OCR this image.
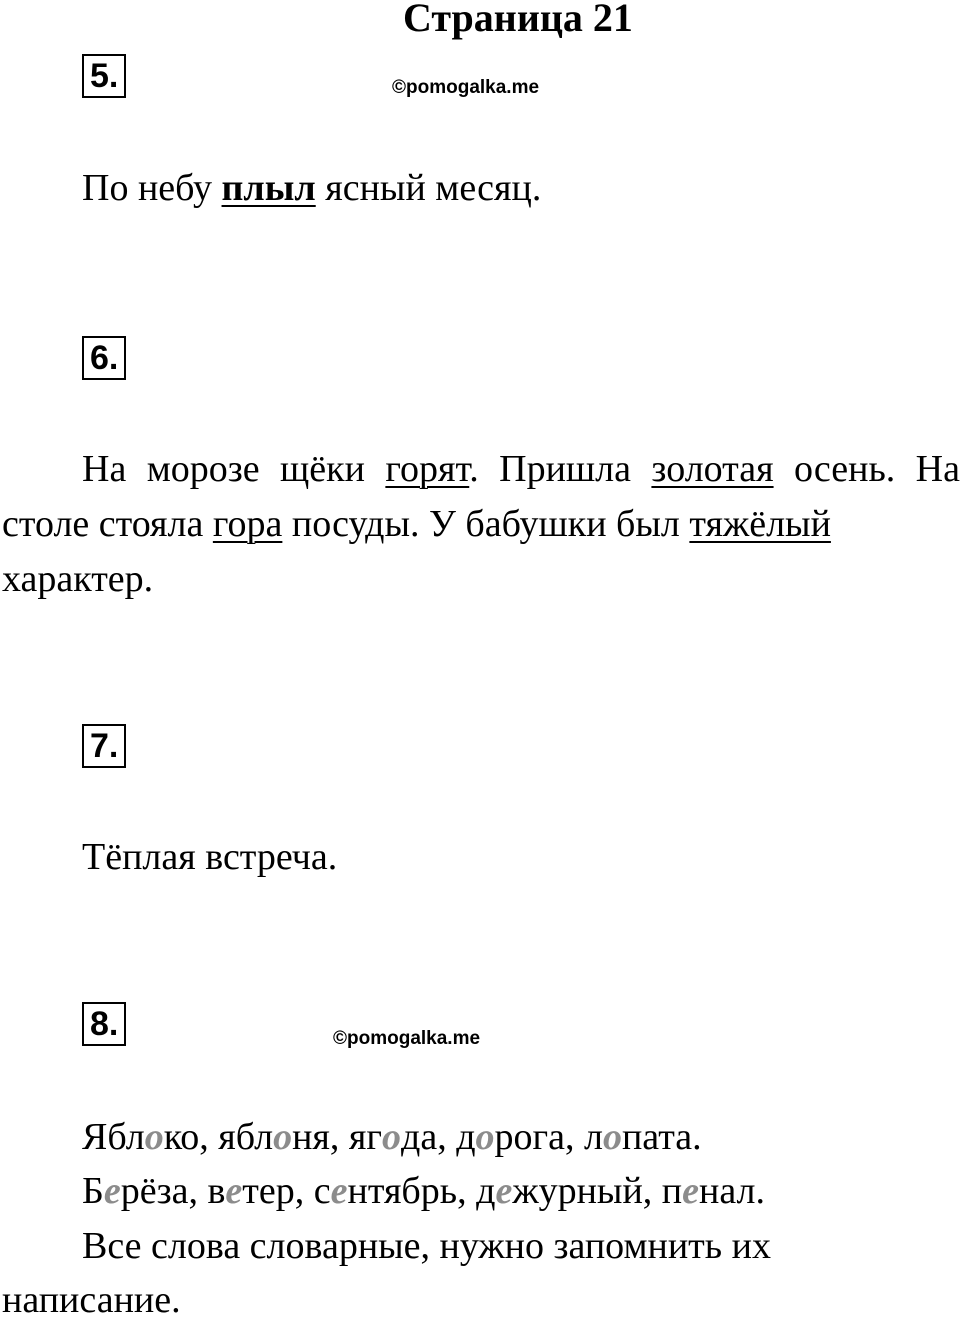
Страница 21
5.	©pomogalka.me
По небу плыл ясный месяц.
6.
На морозе щёки горят. Пришла золотая осень. На
столе стояла гора посуды. У бабушки был тяжёлый
характер.
7.
Тёплая встреча.
8.	©pomogalka.me
Яблоко, яблоня, ягода, дорога, лопата.
Берёза, ветер, сентябрь, дежурный, пенал.
Все слова словарные, нужно запомнить их
написание.
